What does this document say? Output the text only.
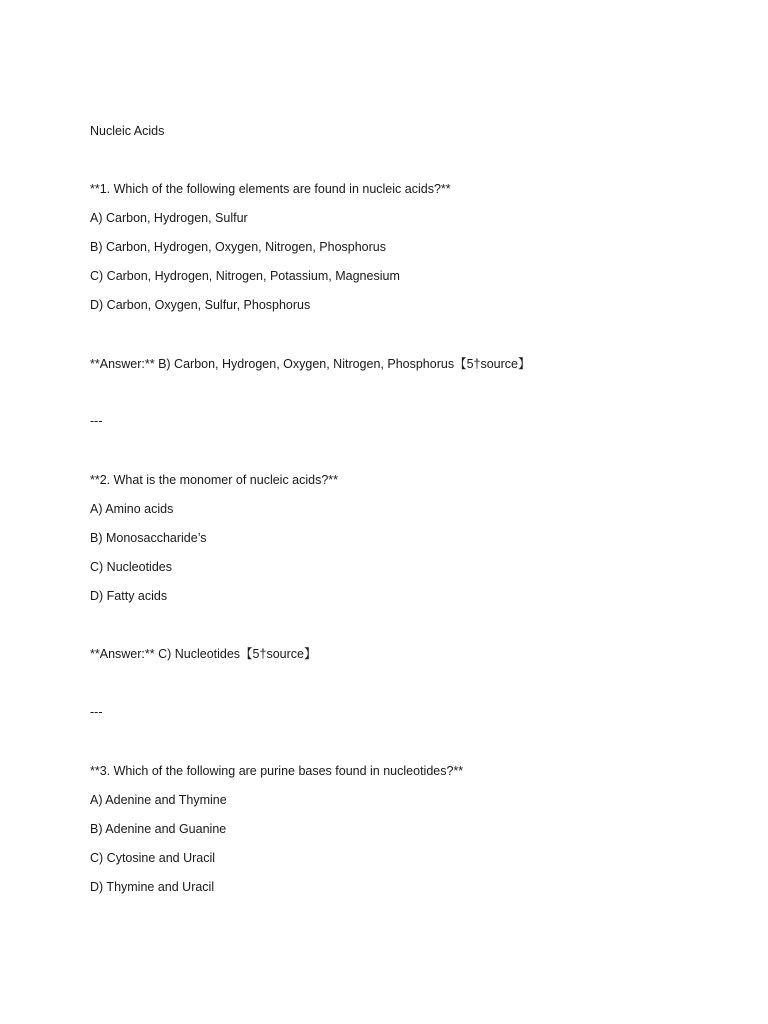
Nucleic Acids
**1. Which of the following elements are found in nucleic acids?**
A) Carbon, Hydrogen, Sulfur
B) Carbon, Hydrogen, Oxygen, Nitrogen, Phosphorus
C) Carbon, Hydrogen, Nitrogen, Potassium, Magnesium
D) Carbon, Oxygen, Sulfur, Phosphorus
**Answer:** B) Carbon, Hydrogen, Oxygen, Nitrogen, Phosphorus【5†source】
---
**2. What is the monomer of nucleic acids?**
A) Amino acids
B) Monosaccharide’s
C) Nucleotides
D) Fatty acids
**Answer:** C) Nucleotides【5†source】
---
**3. Which of the following are purine bases found in nucleotides?**
A) Adenine and Thymine
B) Adenine and Guanine
C) Cytosine and Uracil
D) Thymine and Uracil
